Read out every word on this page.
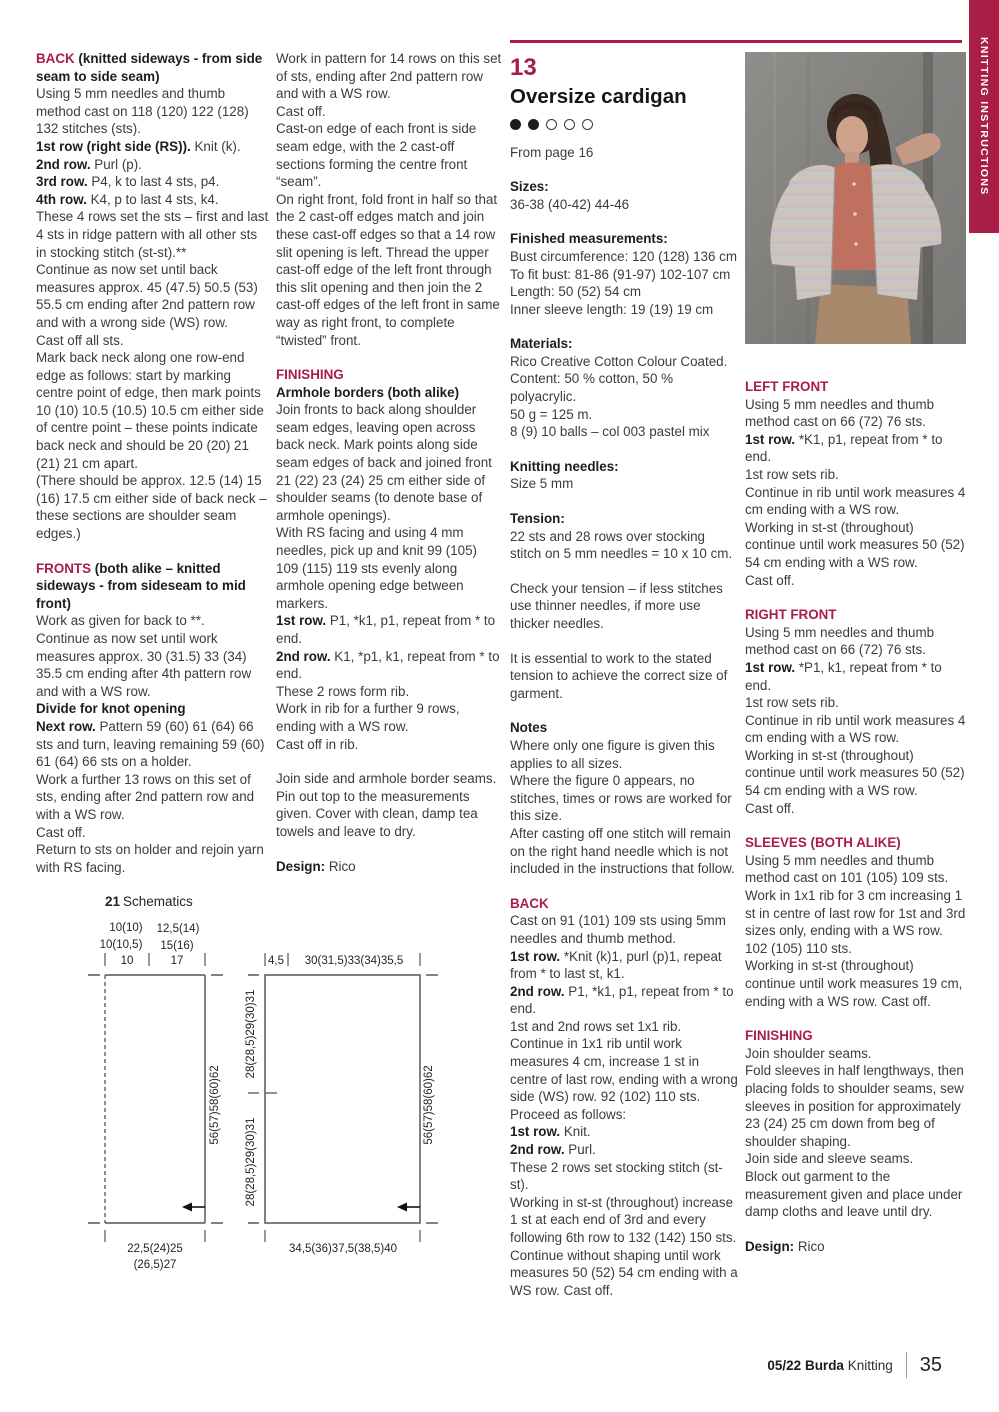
KNITTING INSTRUCTIONS

BACK (knitted sideways - from side seam to side seam)

Using 5 mm needles and thumb method cast on 118 (120) 122 (128) 132 stitches (sts).

1st row (right side (RS)). Knit (k).

2nd row. Purl (p).

3rd row. P4, k to last 4 sts, p4.

4th row. K4, p to last 4 sts, k4.

These 4 rows set the sts – first and last 4 sts in ridge pattern with all other sts in stocking stitch (st-st).**

Continue as now set until back measures approx. 45 (47.5) 50.5 (53) 55.5 cm ending after 2nd pattern row and with a wrong side (WS) row.

Cast off all sts.

Mark back neck along one row-end edge as follows: start by marking centre point of edge, then mark points 10 (10) 10.5 (10.5) 10.5 cm either side of centre point – these points indicate back neck and should be 20 (20) 21 (21) 21 cm apart.

(There should be approx. 12.5 (14) 15 (16) 17.5 cm either side of back neck – these sections are shoulder seam edges.)

FRONTS (both alike – knitted sideways - from sideseam to mid front)

Work as given for back to **.

Continue as now set until work measures approx. 30 (31.5) 33 (34) 35.5 cm ending after 4th pattern row and with a WS row.

Divide for knot opening

Next row. Pattern 59 (60) 61 (64) 66 sts and turn, leaving remaining 59 (60) 61 (64) 66 sts on a holder.

Work a further 13 rows on this set of sts, ending after 2nd pattern row and with a WS row.

Cast off.

Return to sts on holder and rejoin yarn with RS facing.

Work in pattern for 14 rows on this set of sts, ending after 2nd pattern row and with a WS row.

Cast off.

Cast-on edge of each front is side seam edge, with the 2 cast-off sections forming the centre front “seam”.

On right front, fold front in half so that the 2 cast-off edges match and join these cast-off edges so that a 14 row slit opening is left. Thread the upper cast-off edge of the left front through this slit opening and then join the 2 cast-off edges of the left front in same way as right front, to complete “twisted” front.

FINISHING

Armhole borders (both alike)

Join fronts to back along shoulder seam edges, leaving open across back neck. Mark points along side seam edges of back and joined front 21 (22) 23 (24) 25 cm either side of shoulder seams (to denote base of armhole openings).

With RS facing and using 4 mm needles, pick up and knit 99 (105) 109 (115) 119 sts evenly along armhole opening edge between markers.

1st row. P1, *k1, p1, repeat from * to end.

2nd row. K1, *p1, k1, repeat from * to end.

These 2 rows form rib.

Work in rib for a further 9 rows, ending with a WS row.

Cast off in rib.

Join side and armhole border seams.

Pin out top to the measurements given. Cover with clean, damp tea towels and leave to dry.

Design: Rico

13
Oversize cardigan
From page 16

Sizes:

36-38 (40-42) 44-46

Finished measurements:

Bust circumference: 120 (128) 136 cm

To fit bust: 81-86 (91-97) 102-107 cm

Length: 50 (52) 54 cm

Inner sleeve length: 19 (19) 19 cm

Materials:

Rico Creative Cotton Colour Coated.

Content: 50 % cotton, 50 % polyacrylic.

50 g = 125 m.

8 (9) 10 balls – col 003 pastel mix

Knitting needles:

Size 5 mm

Tension:

22 sts and 28 rows over stocking stitch on 5 mm needles = 10 x 10 cm.

Check your tension – if less stitches use thinner needles, if more use thicker needles.

It is essential to work to the stated tension to achieve the correct size of garment.

Notes

Where only one figure is given this applies to all sizes.

Where the figure 0 appears, no stitches, times or rows are worked for this size.

After casting off one stitch will remain on the right hand needle which is not included in the instructions that follow.

BACK

Cast on 91 (101) 109 sts using 5mm needles and thumb method.

1st row. *Knit (k)1, purl (p)1, repeat from * to last st, k1.

2nd row. P1, *k1, p1, repeat from * to end.

1st and 2nd rows set 1x1 rib.

Continue in 1x1 rib until work measures 4 cm, increase 1 st in centre of last row, ending with a wrong side (WS) row. 92 (102) 110 sts.

Proceed as follows:

1st row. Knit.

2nd row. Purl.

These 2 rows set stocking stitch (st-st).

Working in st-st (throughout) increase 1 st at each end of 3rd and every following 6th row to 132 (142) 150 sts. Continue without shaping until work measures 50 (52) 54 cm ending with a WS row. Cast off.

LEFT FRONT

Using 5 mm needles and thumb method cast on 66 (72) 76 sts.

1st row. *K1, p1, repeat from * to end.

1st row sets rib.

Continue in rib until work measures 4 cm ending with a WS row.

Working in st-st (throughout) continue until work measures 50 (52) 54 cm ending with a WS row.

Cast off.

RIGHT FRONT

Using 5 mm needles and thumb method cast on 66 (72) 76 sts.

1st row. *P1, k1, repeat from * to end.

1st row sets rib.

Continue in rib until work measures 4 cm ending with a WS row.

Working in st-st (throughout) continue until work measures 50 (52) 54 cm ending with a WS row.

Cast off.

SLEEVES (BOTH ALIKE)

Using 5 mm needles and thumb method cast on 101 (105) 109 sts.

Work in 1x1 rib for 3 cm increasing 1 st in centre of last row for 1st and 3rd sizes only, ending with a WS row. 102 (105) 110 sts.

Working in st-st (throughout) continue until work measures 19 cm, ending with a WS row. Cast off.

FINISHING

Join shoulder seams.

Fold sleeves in half lengthways, then placing folds to shoulder seams, sew sleeves in position for approximately 23 (24) 25 cm down from beg of shoulder shaping.

Join side and sleeve seams.

Block out garment to the measurement given and place under damp cloths and leave until dry.

Design: Rico

21 Schematics
10(10)
10(10,5)
10
12,5(14)
15(16)
17
56(57)58(60)62
22,5(24)25
(26,5)27
4,5 30(31,5)33(34)35,5
28(28,5)29(30)31
28(28,5)29(30)31
56(57)58(60)62
34,5(36)37,5(38,5)40
05/22 Burda Knitting 35
